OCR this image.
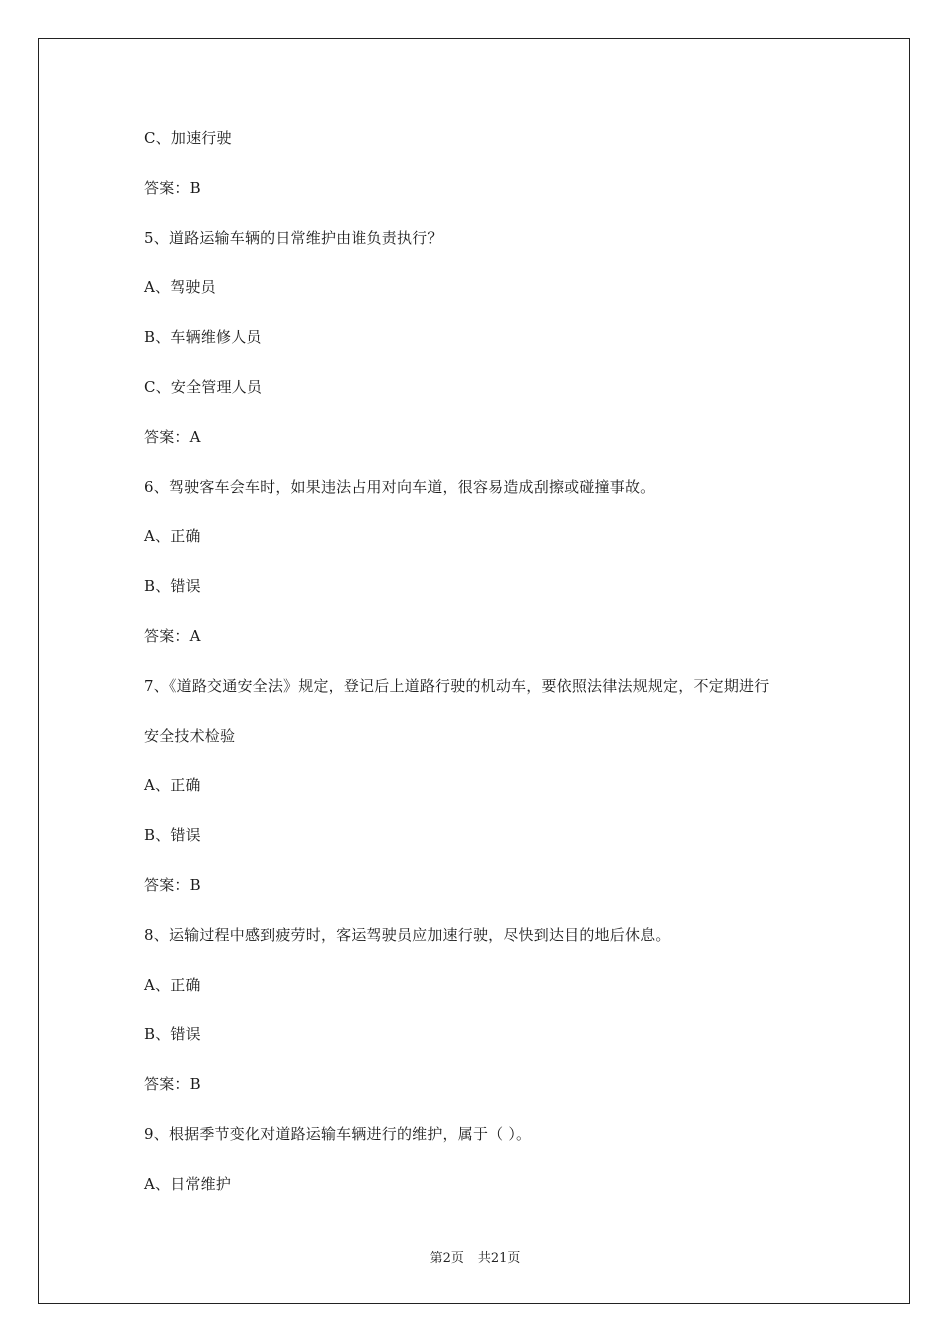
C、加速行驶
答案：B
5、道路运输车辆的日常维护由谁负责执行？
A、驾驶员
B、车辆维修人员
C、安全管理人员
答案：A
6、驾驶客车会车时，如果违法占用对向车道，很容易造成刮擦或碰撞事故。
A、正确
B、错误
答案：A
7、《道路交通安全法》规定，登记后上道路行驶的机动车，要依照法律法规规定，不定期进行
安全技术检验
A、正确
B、错误
答案：B
8、运输过程中感到疲劳时，客运驾驶员应加速行驶，尽快到达目的地后休息。
A、正确
B、错误
答案：B
9、根据季节变化对道路运输车辆进行的维护，属于（ ）。
A、日常维护
第2页 共21页
